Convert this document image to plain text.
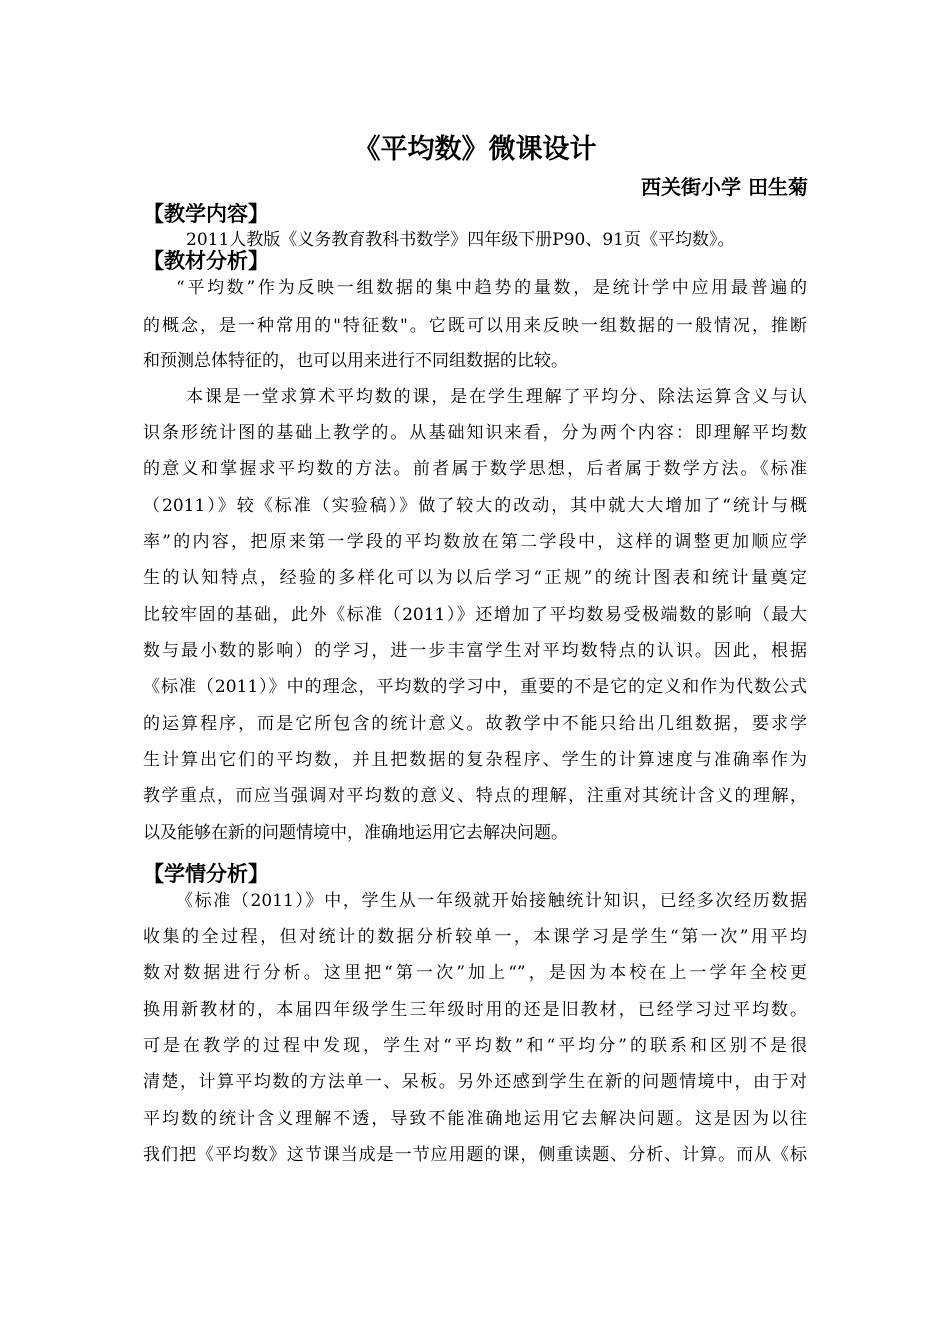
《平均数》微课设计

西关街小学 田生菊

【教学内容】

2011人教版《义务教育教科书数学》四年级下册P90、91页《平均数》。

【教材分析】

“平均数”作为反映一组数据的集中趋势的量数，是统计学中应用最普遍的

的概念，是一种常用的"特征数"。它既可以用来反映一组数据的一般情况，推断

和预测总体特征的，也可以用来进行不同组数据的比较。

本课是一堂求算术平均数的课，是在学生理解了平均分、除法运算含义与认

识条形统计图的基础上教学的。从基础知识来看，分为两个内容：即理解平均数

的意义和掌握求平均数的方法。前者属于数学思想，后者属于数学方法。《标准

（2011）》较《标准（实验稿）》做了较大的改动，其中就大大增加了“统计与概

率”的内容，把原来第一学段的平均数放在第二学段中，这样的调整更加顺应学

生的认知特点，经验的多样化可以为以后学习“正规”的统计图表和统计量奠定

比较牢固的基础，此外《标准（2011）》还增加了平均数易受极端数的影响（最大

数与最小数的影响）的学习，进一步丰富学生对平均数特点的认识。因此，根据

《标准（2011）》中的理念，平均数的学习中，重要的不是它的定义和作为代数公式

的运算程序，而是它所包含的统计意义。故教学中不能只给出几组数据，要求学

生计算出它们的平均数，并且把数据的复杂程序、学生的计算速度与准确率作为

教学重点，而应当强调对平均数的意义、特点的理解，注重对其统计含义的理解，

以及能够在新的问题情境中，准确地运用它去解决问题。

【学情分析】

《标准（2011）》中，学生从一年级就开始接触统计知识，已经多次经历数据

收集的全过程，但对统计的数据分析较单一，本课学习是学生“第一次”用平均

数对数据进行分析。这里把“第一次”加上“”，是因为本校在上一学年全校更

换用新教材的，本届四年级学生三年级时用的还是旧教材，已经学习过平均数。

可是在教学的过程中发现，学生对“平均数”和“平均分”的联系和区别不是很

清楚，计算平均数的方法单一、呆板。另外还感到学生在新的问题情境中，由于对

平均数的统计含义理解不透，导致不能准确地运用它去解决问题。这是因为以往

我们把《平均数》这节课当成是一节应用题的课，侧重读题、分析、计算。而从《标
